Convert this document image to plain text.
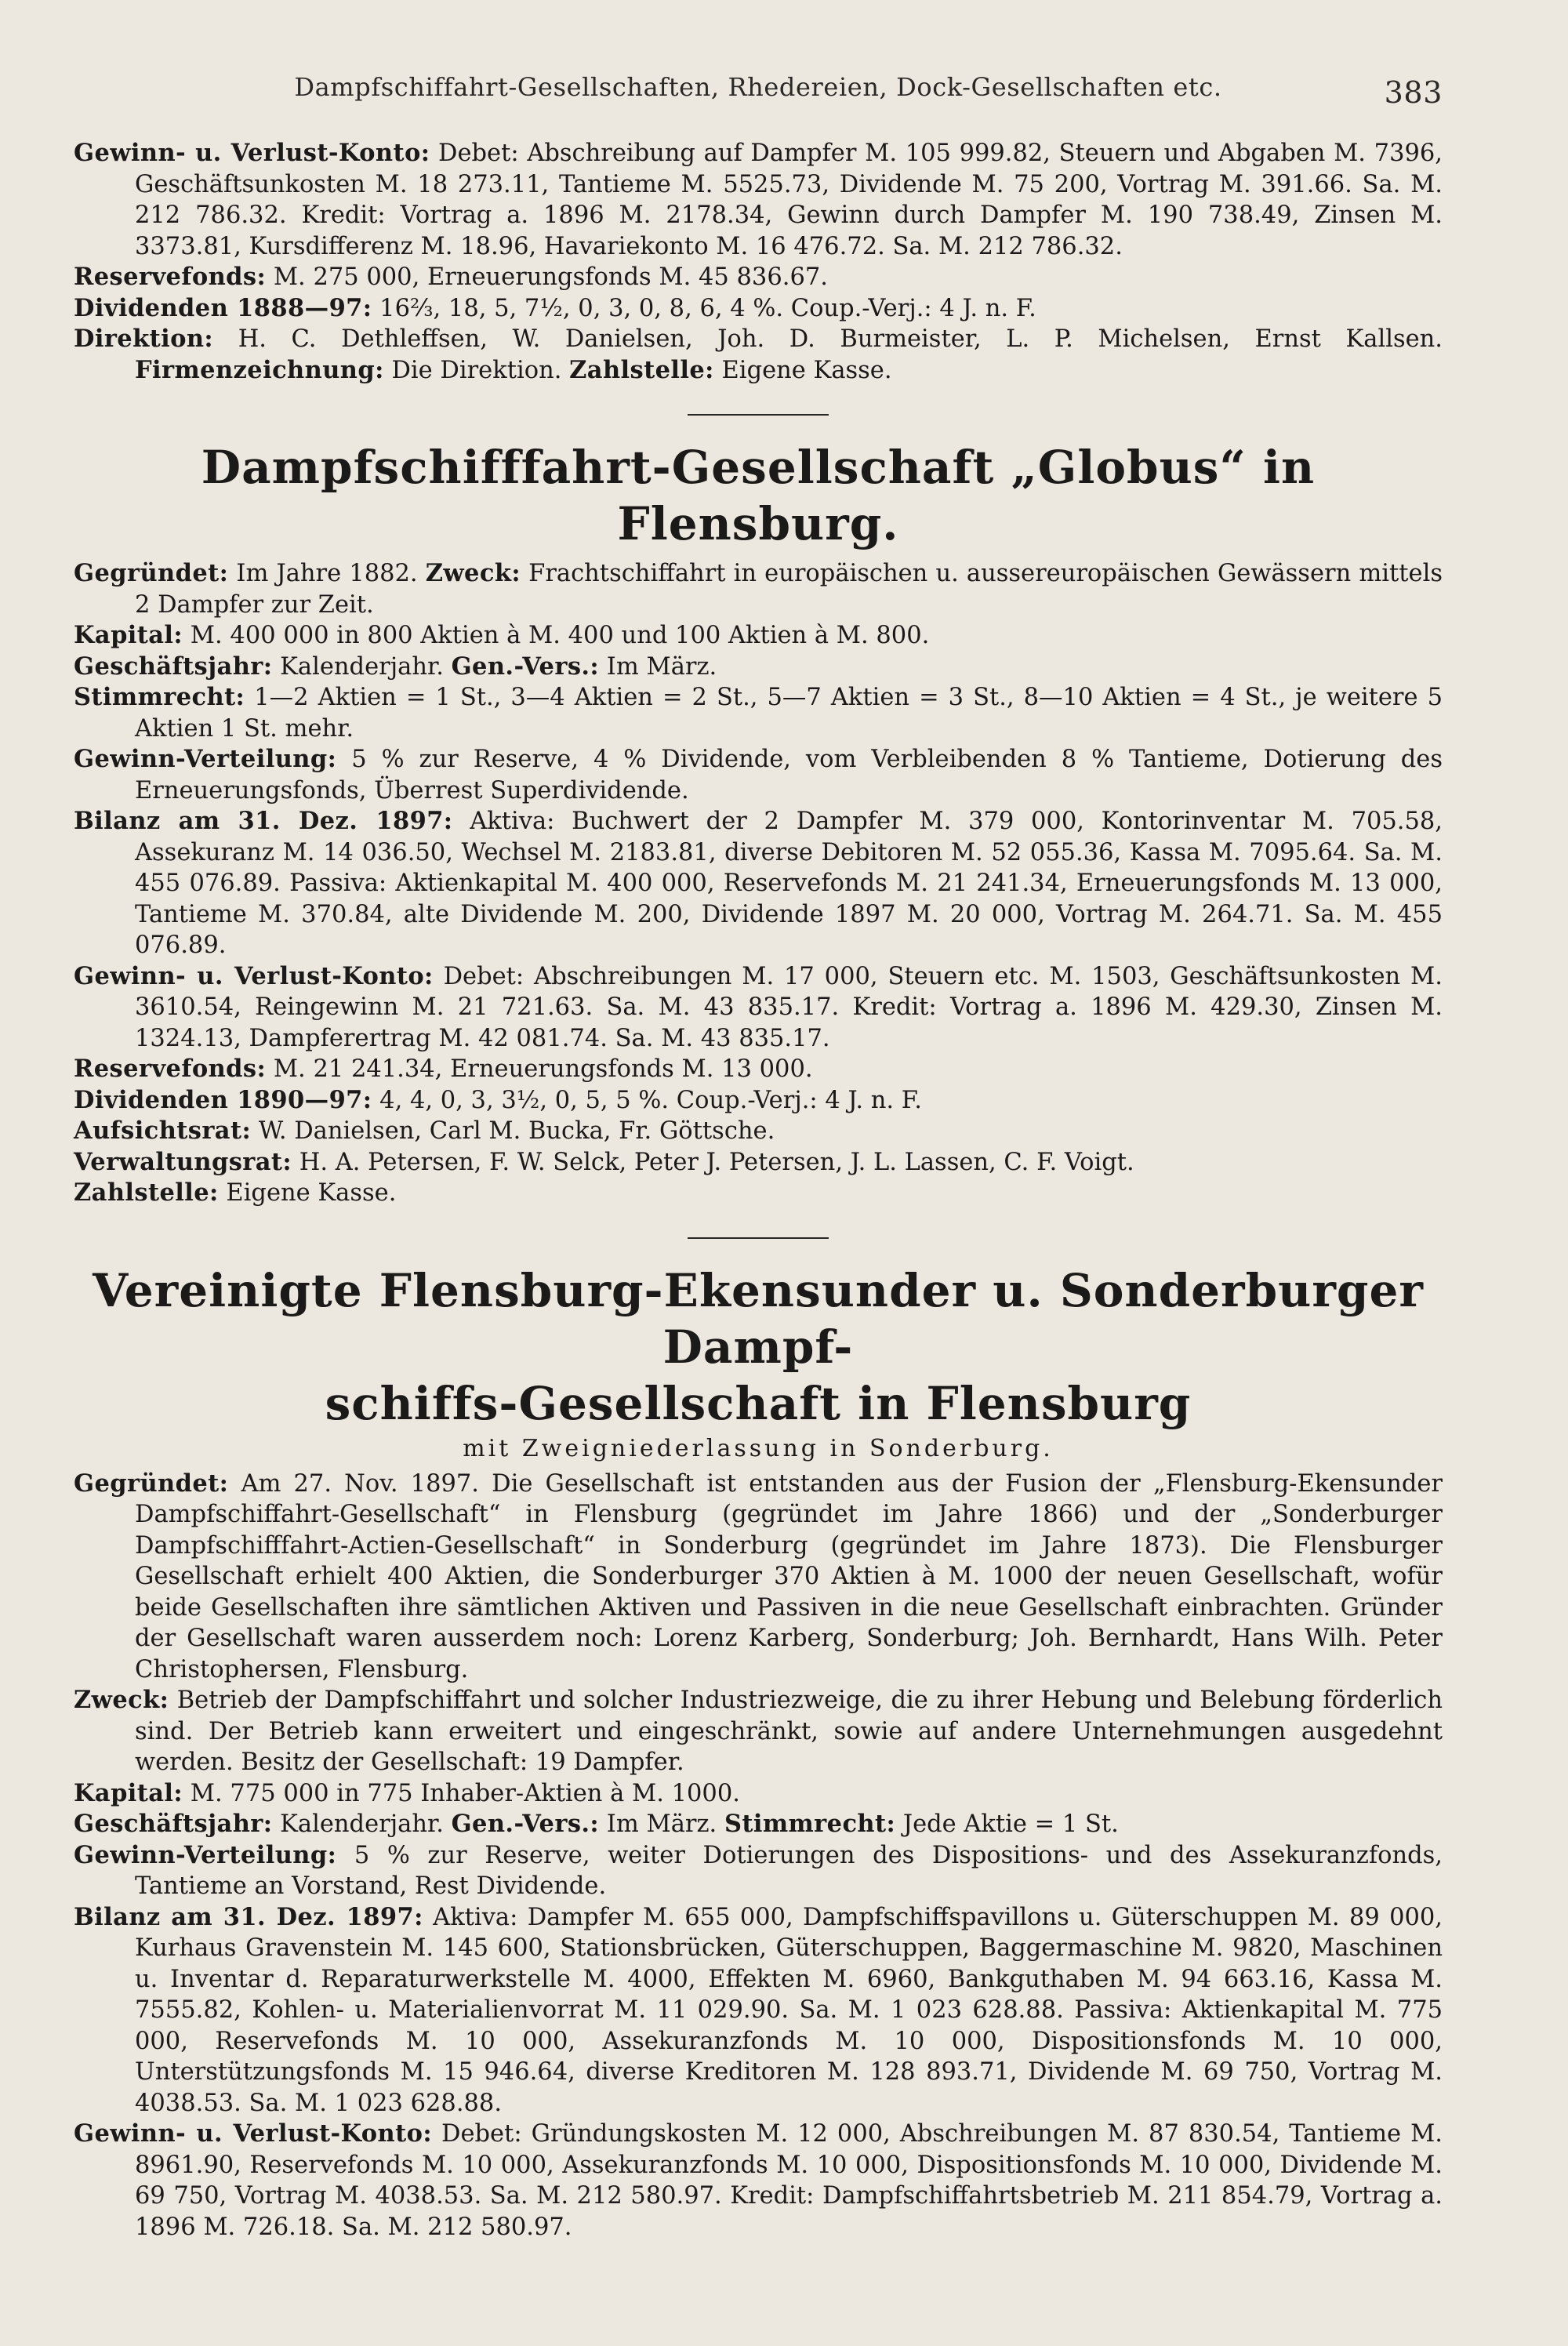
Dampfschiffahrt-Gesellschaften, Rhedereien, Dock-Gesellschaften etc.	383

Gewinn- u. Verlust-Konto: Debet: Abschreibung auf Dampfer M. 105 999.82, Steuern und Abgaben M. 7396, Geschäftsunkosten M. 18 273.11, Tantieme M. 5525.73, Dividende M. 75 200, Vortrag M. 391.66. Sa. M. 212 786.32. Kredit: Vortrag a. 1896 M. 2178.34, Gewinn durch Dampfer M. 190 738.49, Zinsen M. 3373.81, Kursdifferenz M. 18.96, Havariekonto M. 16 476.72. Sa. M. 212 786.32.

Reservefonds: M. 275 000, Erneuerungsfonds M. 45 836.67.

Dividenden 1888—97: 16⅔, 18, 5, 7½, 0, 3, 0, 8, 6, 4 %. Coup.-Verj.: 4 J. n. F.

Direktion: H. C. Dethleffsen, W. Danielsen, Joh. D. Burmeister, L. P. Michelsen, Ernst Kallsen. Firmenzeichnung: Die Direktion. Zahlstelle: Eigene Kasse.

Dampfschifffahrt-Gesellschaft „Globus“ in Flensburg.

Gegründet: Im Jahre 1882. Zweck: Frachtschiffahrt in europäischen u. aussereuropäischen Gewässern mittels 2 Dampfer zur Zeit.

Kapital: M. 400 000 in 800 Aktien à M. 400 und 100 Aktien à M. 800.

Geschäftsjahr: Kalenderjahr. Gen.-Vers.: Im März.

Stimmrecht: 1—2 Aktien = 1 St., 3—4 Aktien = 2 St., 5—7 Aktien = 3 St., 8—10 Aktien = 4 St., je weitere 5 Aktien 1 St. mehr.

Gewinn-Verteilung: 5 % zur Reserve, 4 % Dividende, vom Verbleibenden 8 % Tantieme, Dotierung des Erneuerungsfonds, Überrest Superdividende.

Bilanz am 31. Dez. 1897: Aktiva: Buchwert der 2 Dampfer M. 379 000, Kontorinventar M. 705.58, Assekuranz M. 14 036.50, Wechsel M. 2183.81, diverse Debitoren M. 52 055.36, Kassa M. 7095.64. Sa. M. 455 076.89. Passiva: Aktienkapital M. 400 000, Reservefonds M. 21 241.34, Erneuerungsfonds M. 13 000, Tantieme M. 370.84, alte Dividende M. 200, Dividende 1897 M. 20 000, Vortrag M. 264.71. Sa. M. 455 076.89.

Gewinn- u. Verlust-Konto: Debet: Abschreibungen M. 17 000, Steuern etc. M. 1503, Geschäftsunkosten M. 3610.54, Reingewinn M. 21 721.63. Sa. M. 43 835.17. Kredit: Vortrag a. 1896 M. 429.30, Zinsen M. 1324.13, Dampferertrag M. 42 081.74. Sa. M. 43 835.17.

Reservefonds: M. 21 241.34, Erneuerungsfonds M. 13 000.

Dividenden 1890—97: 4, 4, 0, 3, 3½, 0, 5, 5 %. Coup.-Verj.: 4 J. n. F.

Aufsichtsrat: W. Danielsen, Carl M. Bucka, Fr. Göttsche.

Verwaltungsrat: H. A. Petersen, F. W. Selck, Peter J. Petersen, J. L. Lassen, C. F. Voigt.

Zahlstelle: Eigene Kasse.

Vereinigte Flensburg-Ekensunder u. Sonderburger Dampf-
schiffs-Gesellschaft in Flensburg
mit Zweigniederlassung in Sonderburg.

Gegründet: Am 27. Nov. 1897. Die Gesellschaft ist entstanden aus der Fusion der „Flensburg-Ekensunder Dampfschiffahrt-Gesellschaft“ in Flensburg (gegründet im Jahre 1866) und der „Sonderburger Dampfschifffahrt-Actien-Gesellschaft“ in Sonderburg (gegründet im Jahre 1873). Die Flensburger Gesellschaft erhielt 400 Aktien, die Sonderburger 370 Aktien à M. 1000 der neuen Gesellschaft, wofür beide Gesellschaften ihre sämtlichen Aktiven und Passiven in die neue Gesellschaft einbrachten. Gründer der Gesellschaft waren ausserdem noch: Lorenz Karberg, Sonderburg; Joh. Bernhardt, Hans Wilh. Peter Christophersen, Flensburg.

Zweck: Betrieb der Dampfschiffahrt und solcher Industriezweige, die zu ihrer Hebung und Belebung förderlich sind. Der Betrieb kann erweitert und eingeschränkt, sowie auf andere Unternehmungen ausgedehnt werden. Besitz der Gesellschaft: 19 Dampfer.

Kapital: M. 775 000 in 775 Inhaber-Aktien à M. 1000.

Geschäftsjahr: Kalenderjahr. Gen.-Vers.: Im März. Stimmrecht: Jede Aktie = 1 St.

Gewinn-Verteilung: 5 % zur Reserve, weiter Dotierungen des Dispositions- und des Assekuranzfonds, Tantieme an Vorstand, Rest Dividende.

Bilanz am 31. Dez. 1897: Aktiva: Dampfer M. 655 000, Dampfschiffspavillons u. Güterschuppen M. 89 000, Kurhaus Gravenstein M. 145 600, Stationsbrücken, Güterschuppen, Baggermaschine M. 9820, Maschinen u. Inventar d. Reparaturwerkstelle M. 4000, Effekten M. 6960, Bankguthaben M. 94 663.16, Kassa M. 7555.82, Kohlen- u. Materialienvorrat M. 11 029.90. Sa. M. 1 023 628.88. Passiva: Aktienkapital M. 775 000, Reservefonds M. 10 000, Assekuranzfonds M. 10 000, Dispositionsfonds M. 10 000, Unterstützungsfonds M. 15 946.64, diverse Kreditoren M. 128 893.71, Dividende M. 69 750, Vortrag M. 4038.53. Sa. M. 1 023 628.88.

Gewinn- u. Verlust-Konto: Debet: Gründungskosten M. 12 000, Abschreibungen M. 87 830.54, Tantieme M. 8961.90, Reservefonds M. 10 000, Assekuranzfonds M. 10 000, Dispositionsfonds M. 10 000, Dividende M. 69 750, Vortrag M. 4038.53. Sa. M. 212 580.97. Kredit: Dampfschiffahrtsbetrieb M. 211 854.79, Vortrag a. 1896 M. 726.18. Sa. M. 212 580.97.
